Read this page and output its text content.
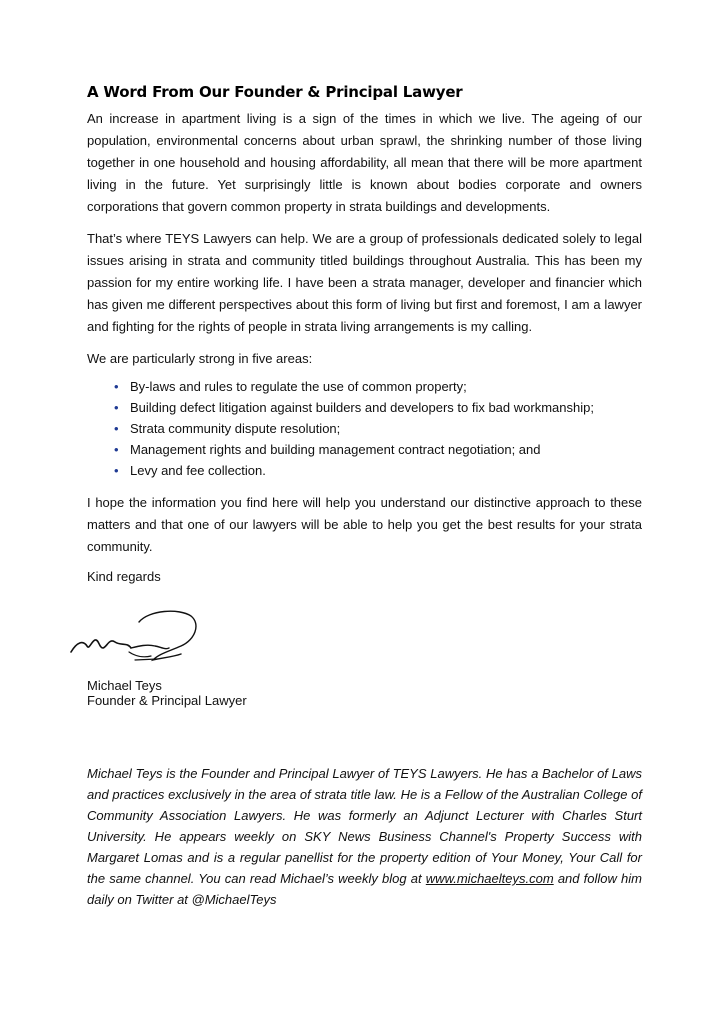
A Word From Our Founder & Principal Lawyer

An increase in apartment living is a sign of the times in which we live. The ageing of our population, environmental concerns about urban sprawl, the shrinking number of those living together in one household and housing affordability, all mean that there will be more apartment living in the future. Yet surprisingly little is known about bodies corporate and owners corporations that govern common property in strata buildings and developments.

That’s where TEYS Lawyers can help. We are a group of professionals dedicated solely to legal issues arising in strata and community titled buildings throughout Australia. This has been my passion for my entire working life. I have been a strata manager, developer and financier which has given me different perspectives about this form of living but first and foremost, I am a lawyer and fighting for the rights of people in strata living arrangements is my calling.

We are particularly strong in five areas:

• By-laws and rules to regulate the use of common property;
• Building defect litigation against builders and developers to fix bad workmanship;
• Strata community dispute resolution;
• Management rights and building management contract negotiation; and
• Levy and fee collection.

I hope the information you find here will help you understand our distinctive approach to these matters and that one of our lawyers will be able to help you get the best results for your strata community.

Kind regards

Michael Teys
Founder & Principal Lawyer

Michael Teys is the Founder and Principal Lawyer of TEYS Lawyers. He has a Bachelor of Laws and practices exclusively in the area of strata title law. He is a Fellow of the Australian College of Community Association Lawyers. He was formerly an Adjunct Lecturer with Charles Sturt University. He appears weekly on SKY News Business Channel's Property Success with Margaret Lomas and is a regular panellist for the property edition of Your Money, Your Call for the same channel. You can read Michael’s weekly blog at www.michaelteys.com and follow him daily on Twitter at @MichaelTeys
